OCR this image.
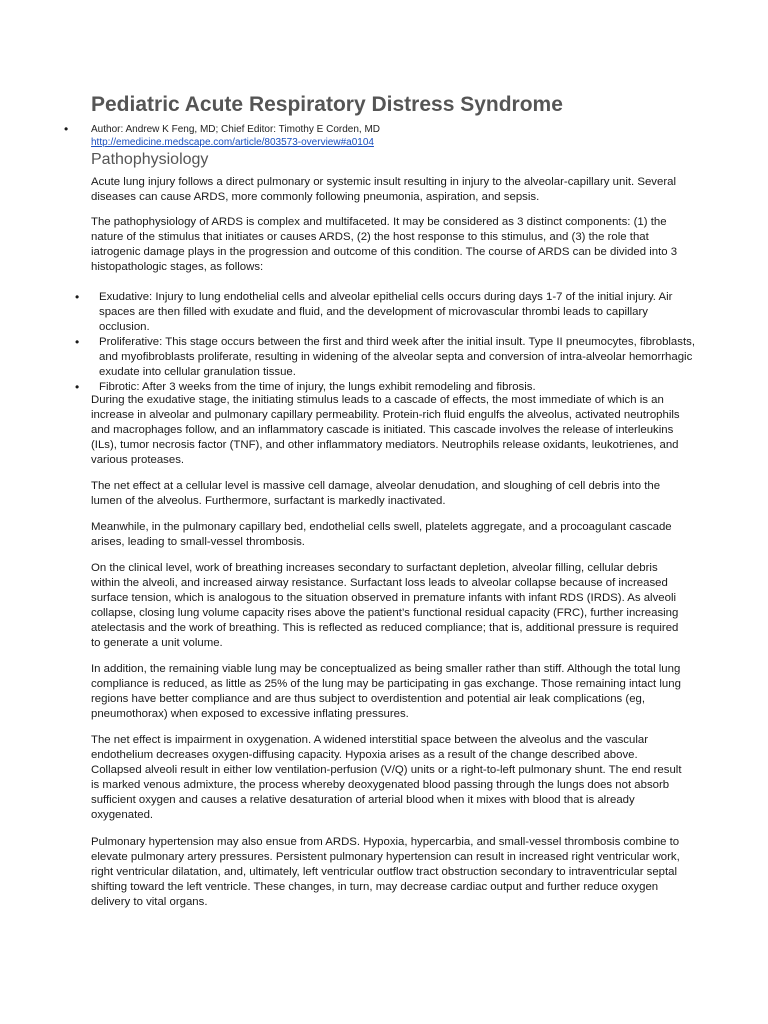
Pediatric Acute Respiratory Distress Syndrome
• Author: Andrew K Feng, MD; Chief Editor: Timothy E Corden, MD
http://emedicine.medscape.com/article/803573-overview#a0104
Pathophysiology

Acute lung injury follows a direct pulmonary or systemic insult resulting in injury to the alveolar-capillary unit. Several diseases can cause ARDS, more commonly following pneumonia, aspiration, and sepsis.

The pathophysiology of ARDS is complex and multifaceted. It may be considered as 3 distinct components: (1) the nature of the stimulus that initiates or causes ARDS, (2) the host response to this stimulus, and (3) the role that iatrogenic damage plays in the progression and outcome of this condition. The course of ARDS can be divided into 3 histopathologic stages, as follows:

• Exudative: Injury to lung endothelial cells and alveolar epithelial cells occurs during days 1-7 of the initial injury. Air spaces are then filled with exudate and fluid, and the development of microvascular thrombi leads to capillary occlusion.
• Proliferative: This stage occurs between the first and third week after the initial insult. Type II pneumocytes, fibroblasts, and myofibroblasts proliferate, resulting in widening of the alveolar septa and conversion of intra-alveolar hemorrhagic exudate into cellular granulation tissue.
• Fibrotic: After 3 weeks from the time of injury, the lungs exhibit remodeling and fibrosis.

During the exudative stage, the initiating stimulus leads to a cascade of effects, the most immediate of which is an increase in alveolar and pulmonary capillary permeability. Protein-rich fluid engulfs the alveolus, activated neutrophils and macrophages follow, and an inflammatory cascade is initiated. This cascade involves the release of interleukins (ILs), tumor necrosis factor (TNF), and other inflammatory mediators. Neutrophils release oxidants, leukotrienes, and various proteases.

The net effect at a cellular level is massive cell damage, alveolar denudation, and sloughing of cell debris into the lumen of the alveolus. Furthermore, surfactant is markedly inactivated.

Meanwhile, in the pulmonary capillary bed, endothelial cells swell, platelets aggregate, and a procoagulant cascade arises, leading to small-vessel thrombosis.

On the clinical level, work of breathing increases secondary to surfactant depletion, alveolar filling, cellular debris within the alveoli, and increased airway resistance. Surfactant loss leads to alveolar collapse because of increased surface tension, which is analogous to the situation observed in premature infants with infant RDS (IRDS). As alveoli collapse, closing lung volume capacity rises above the patient’s functional residual capacity (FRC), further increasing atelectasis and the work of breathing. This is reflected as reduced compliance; that is, additional pressure is required to generate a unit volume.

In addition, the remaining viable lung may be conceptualized as being smaller rather than stiff. Although the total lung compliance is reduced, as little as 25% of the lung may be participating in gas exchange. Those remaining intact lung regions have better compliance and are thus subject to overdistention and potential air leak complications (eg, pneumothorax) when exposed to excessive inflating pressures.

The net effect is impairment in oxygenation. A widened interstitial space between the alveolus and the vascular endothelium decreases oxygen-diffusing capacity. Hypoxia arises as a result of the change described above. Collapsed alveoli result in either low ventilation-perfusion (V/Q) units or a right-to-left pulmonary shunt. The end result is marked venous admixture, the process whereby deoxygenated blood passing through the lungs does not absorb sufficient oxygen and causes a relative desaturation of arterial blood when it mixes with blood that is already oxygenated.

Pulmonary hypertension may also ensue from ARDS. Hypoxia, hypercarbia, and small-vessel thrombosis combine to elevate pulmonary artery pressures. Persistent pulmonary hypertension can result in increased right ventricular work, right ventricular dilatation, and, ultimately, left ventricular outflow tract obstruction secondary to intraventricular septal shifting toward the left ventricle. These changes, in turn, may decrease cardiac output and further reduce oxygen delivery to vital organs.
